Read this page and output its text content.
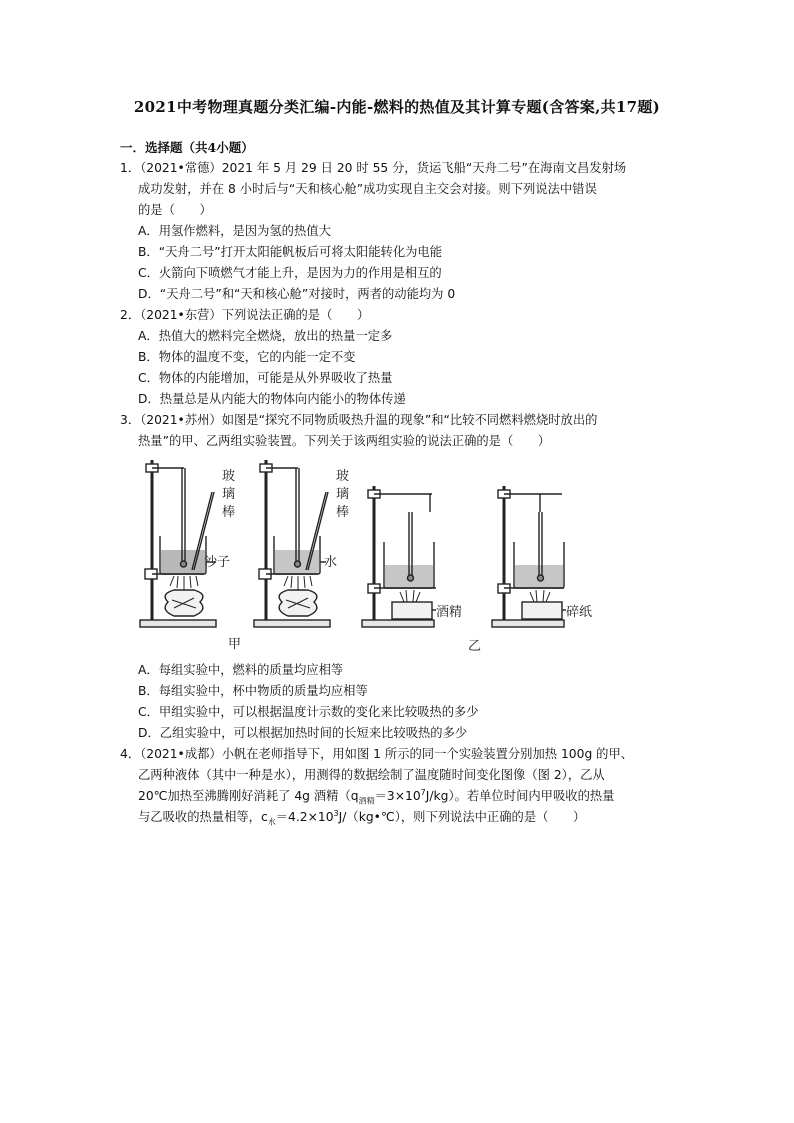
2021中考物理真题分类汇编-内能-燃料的热值及其计算专题(含答案,共17题)
一．选择题（共4小题）
1．（2021•常德）2021 年 5 月 29 日 20 时 55 分，货运飞船“天舟二号”在海南文昌发射场
成功发射，并在 8 小时后与“天和核心舱”成功实现自主交会对接。则下列说法中错误
的是（　　）
A．用氢作燃料，是因为氢的热值大
B．“天舟二号”打开太阳能帆板后可将太阳能转化为电能
C．火箭向下喷燃气才能上升，是因为力的作用是相互的
D．“天舟二号”和“天和核心舱”对接时，两者的动能均为 0
2．（2021•东营）下列说法正确的是（　　）
A．热值大的燃料完全燃烧，放出的热量一定多
B．物体的温度不变，它的内能一定不变
C．物体的内能增加，可能是从外界吸收了热量
D．热量总是从内能大的物体向内能小的物体传递
3．（2021•苏州）如图是“探究不同物质吸热升温的现象”和“比较不同燃料燃烧时放出的
热量”的甲、乙两组实验装置。下列关于该两组实验的说法正确的是（　　）
玻
璃
棒
沙子
玻
璃
棒
水
酒精	碎纸
甲	乙
A．每组实验中，燃料的质量均应相等
B．每组实验中，杯中物质的质量均应相等
C．甲组实验中，可以根据温度计示数的变化来比较吸热的多少
D．乙组实验中，可以根据加热时间的长短来比较吸热的多少
4．（2021•成都）小帆在老师指导下，用如图 1 所示的同一个实验装置分别加热 100g 的甲、
乙两种液体（其中一种是水），用测得的数据绘制了温度随时间变化图像（图 2），乙从
20℃加热至沸腾刚好消耗了 4g 酒精$(q_{酒精}=3\times 10^7J/kg)$。若单位时间内甲吸收的热量
与乙吸收的热量相等，$c_水=4.2\times 10^3J/(kg•℃)$，则下列说法中正确的是（　　）
